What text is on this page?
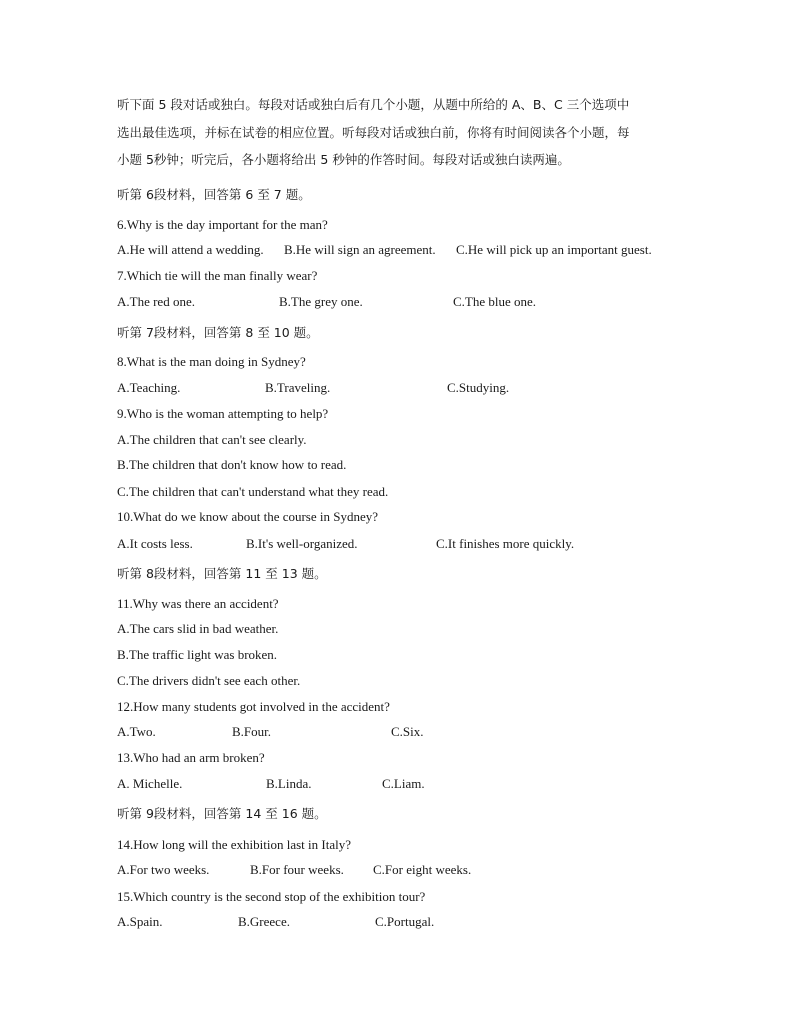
听下面 5 段对话或独白。每段对话或独白后有几个小题，从题中所给的 A、B、C 三个选项中
选出最佳选项，并标在试卷的相应位置。听每段对话或独白前，你将有时间阅读各个小题，每
小题 5秒钟；听完后，各小题将给出 5 秒钟的作答时间。每段对话或独白读两遍。
听第 6段材料，回答第 6 至 7 题。
6.Why is the day important for the man?
A.He will attend a wedding. B.He will sign an agreement. C.He will pick up an important guest.
7.Which tie will the man finally wear?
A.The red one.	B.The grey one.	C.The blue one.
听第 7段材料，回答第 8 至 10 题。
8.What is the man doing in Sydney?
A.Teaching.	B.Traveling.	C.Studying.
9.Who is the woman attempting to help?
A.The children that can't see clearly.
B.The children that don't know how to read.
C.The children that can't understand what they read.
10.What do we know about the course in Sydney?
A.It costs less.	B.It's well-organized.	C.It finishes more quickly.
听第 8段材料，回答第 11 至 13 题。
11.Why was there an accident?
A.The cars slid in bad weather.
B.The traffic light was broken.
C.The drivers didn't see each other.
12.How many students got involved in the accident?
A.Two.	B.Four.	C.Six.
13.Who had an arm broken?
A. Michelle.	B.Linda.	C.Liam.
听第 9段材料，回答第 14 至 16 题。
14.How long will the exhibition last in Italy?
A.For two weeks.	B.For four weeks. C.For eight weeks.
15.Which country is the second stop of the exhibition tour?
A.Spain.	B.Greece.	C.Portugal.
